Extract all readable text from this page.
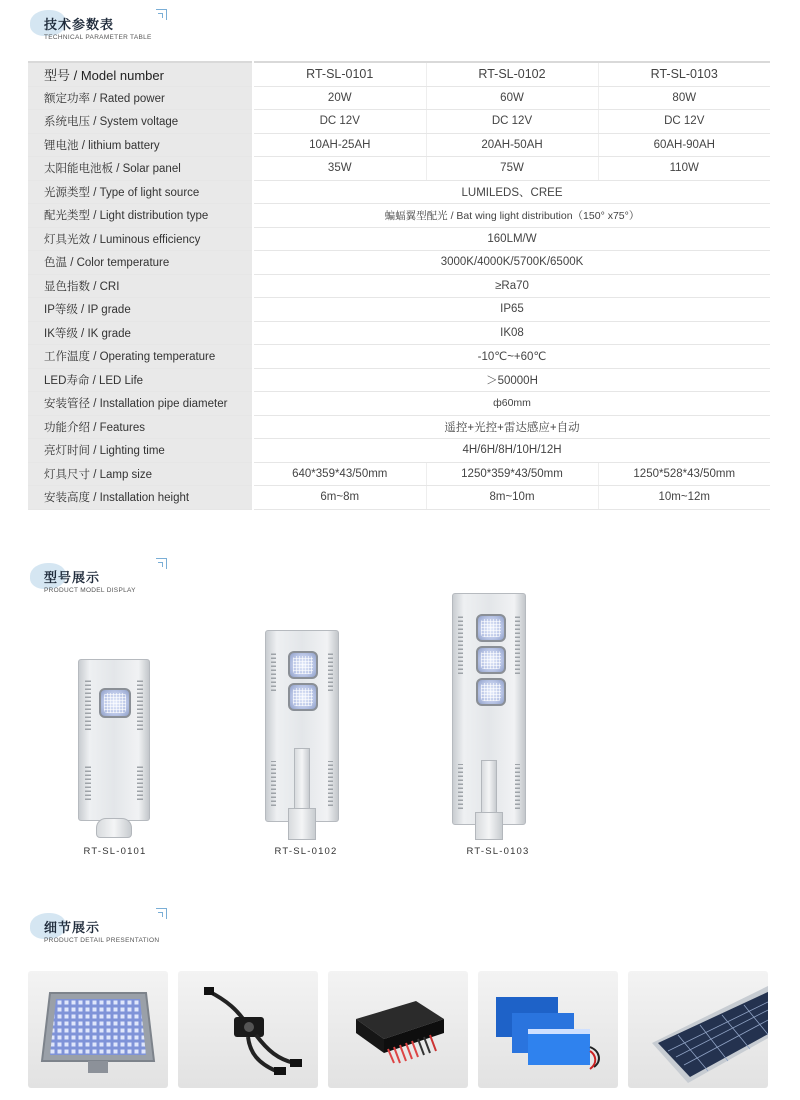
技术参数表
TECHNICAL PARAMETER TABLE
型号 / Model number	RT-SL-0101	RT-SL-0102	RT-SL-0103
额定功率 / Rated power	20W	60W	80W
系统电压 / System voltage	DC 12V	DC 12V	DC 12V
锂电池 / lithium battery	10AH-25AH	20AH-50AH	60AH-90AH
太阳能电池板 / Solar panel	35W	75W	110W
光源类型 / Type of light source	LUMILEDS、CREE		
配光类型 / Light distribution type	蝙蝠翼型配光 / Bat wing light distribution（150° x75°）		
灯具光效 / Luminous efficiency	160LM/W		
色温 / Color temperature	3000K/4000K/5700K/6500K		
显色指数 / CRI	≥Ra70		
IP等级 / IP grade	IP65		
IK等级 / IK grade	IK08		
工作温度 / Operating temperature	-10℃~+60℃		
LED寿命 / LED Life	＞50000H		
安装管径 / Installation pipe diameter	ф60mm		
功能介绍 / Features	遥控+光控+雷达感应+自动		
亮灯时间 / Lighting time	4H/6H/8H/10H/12H		
灯具尺寸 / Lamp size	640*359*43/50mm	1250*359*43/50mm	1250*528*43/50mm
安装高度 / Installation height	6m~8m	8m~10m	10m~12m
型号展示
PRODUCT MODEL DISPLAY
RT-SL-0101	RT-SL-0102	RT-SL-0103
细节展示
PRODUCT DETAIL PRESENTATION
